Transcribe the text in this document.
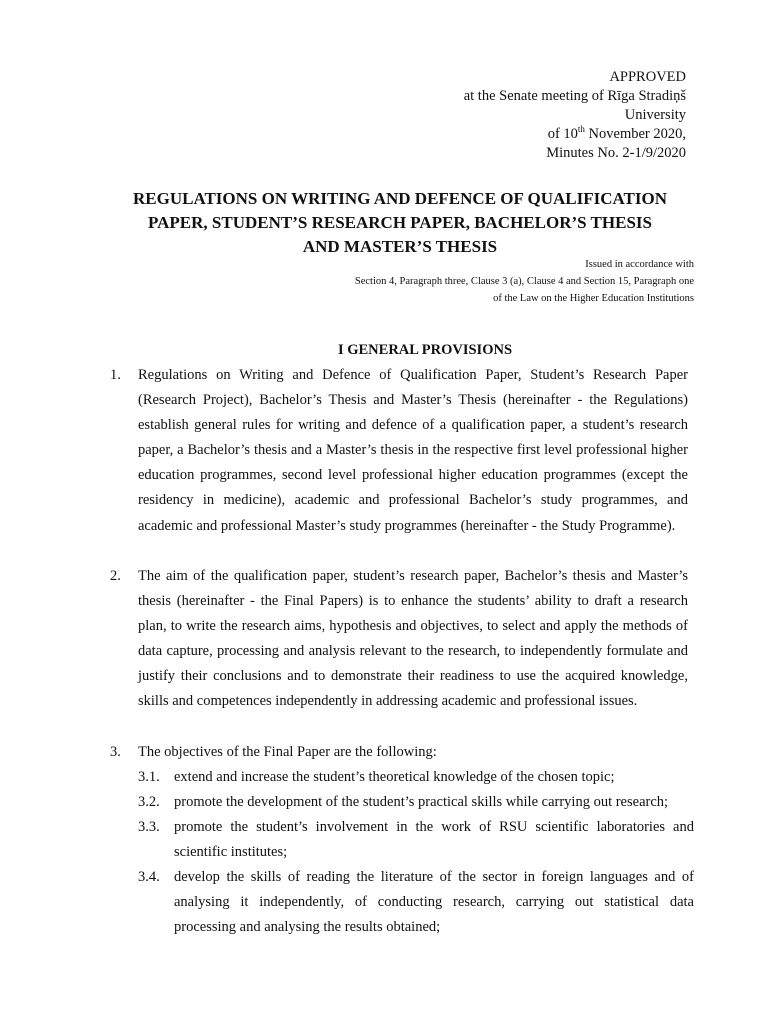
APPROVED
at the Senate meeting of Rīga Stradiņš
University
of 10th November 2020,
Minutes No. 2-1/9/2020
REGULATIONS ON WRITING AND DEFENCE OF QUALIFICATION
PAPER, STUDENT’S RESEARCH PAPER, BACHELOR’S THESIS
AND MASTER’S THESIS
Issued in accordance with
Section 4, Paragraph three, Clause 3 (a), Clause 4 and Section 15, Paragraph one
of the Law on the Higher Education Institutions
I GENERAL PROVISIONS
1. Regulations on Writing and Defence of Qualification Paper, Student’s Research Paper (Research Project), Bachelor’s Thesis and Master’s Thesis (hereinafter - the Regulations) establish general rules for writing and defence of a qualification paper, a student’s research paper, a Bachelor’s thesis and a Master’s thesis in the respective first level professional higher education programmes, second level professional higher education programmes (except the residency in medicine), academic and professional Bachelor’s study programmes, and academic and professional Master’s study programmes (hereinafter - the Study Programme).
2. The aim of the qualification paper, student’s research paper, Bachelor’s thesis and Master’s thesis (hereinafter - the Final Papers) is to enhance the students’ ability to draft a research plan, to write the research aims, hypothesis and objectives, to select and apply the methods of data capture, processing and analysis relevant to the research, to independently formulate and justify their conclusions and to demonstrate their readiness to use the acquired knowledge, skills and competences independently in addressing academic and professional issues.
3. The objectives of the Final Paper are the following:
3.1. extend and increase the student’s theoretical knowledge of the chosen topic;
3.2. promote the development of the student’s practical skills while carrying out research;
3.3. promote the student’s involvement in the work of RSU scientific laboratories and scientific institutes;
3.4. develop the skills of reading the literature of the sector in foreign languages and of analysing it independently, of conducting research, carrying out statistical data processing and analysing the results obtained;
